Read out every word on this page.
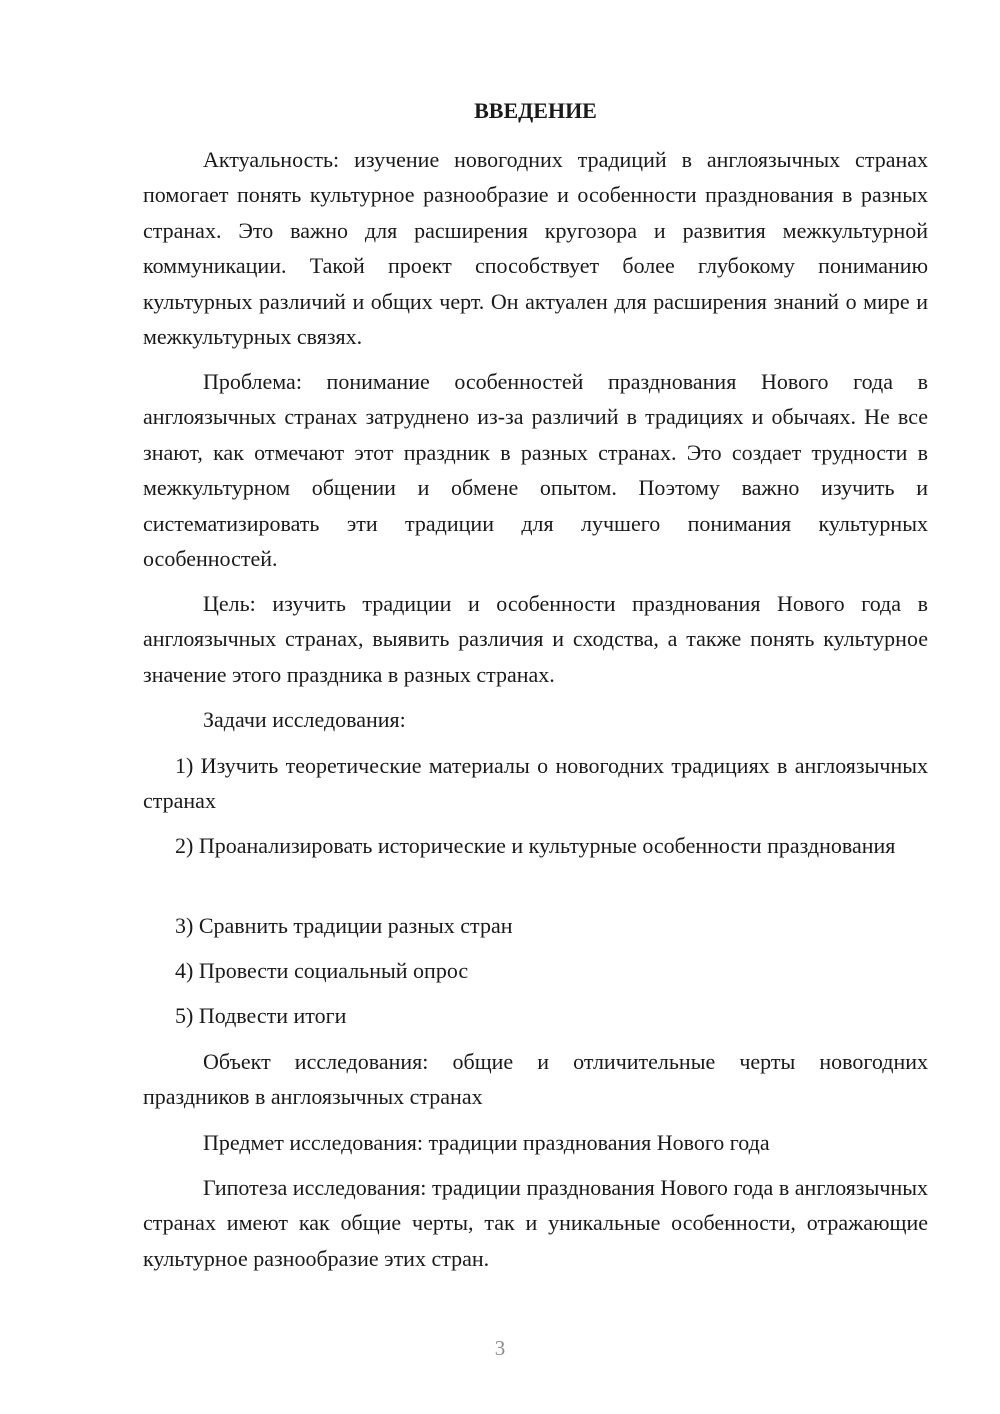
ВВЕДЕНИЕ

Актуальность: изучение новогодних традиций в англоязычных странах помогает понять культурное разнообразие и особенности празднования в разных странах. Это важно для расширения кругозора и развития межкультурной коммуникации. Такой проект способствует более глубокому пониманию культурных различий и общих черт. Он актуален для расширения знаний о мире и межкультурных связях.

Проблема: понимание особенностей празднования Нового года в англоязычных странах затруднено из-за различий в традициях и обычаях. Не все знают, как отмечают этот праздник в разных странах. Это создает трудности в межкультурном общении и обмене опытом. Поэтому важно изучить и систематизировать эти традиции для лучшего понимания культурных особенностей.

Цель: изучить традиции и особенности празднования Нового года в англоязычных странах, выявить различия и сходства, а также понять культурное значение этого праздника в разных странах.

Задачи исследования:

1) Изучить теоретические материалы о новогодних традициях в англоязычных странах

2) Проанализировать исторические и культурные особенности празднования

3) Сравнить традиции разных стран

4) Провести социальный опрос

5) Подвести итоги

Объект исследования: общие и отличительные черты новогодних праздников в англоязычных странах

Предмет исследования: традиции празднования Нового года

Гипотеза исследования: традиции празднования Нового года в англоязычных странах имеют как общие черты, так и уникальные особенности, отражающие культурное разнообразие этих стран.

3
